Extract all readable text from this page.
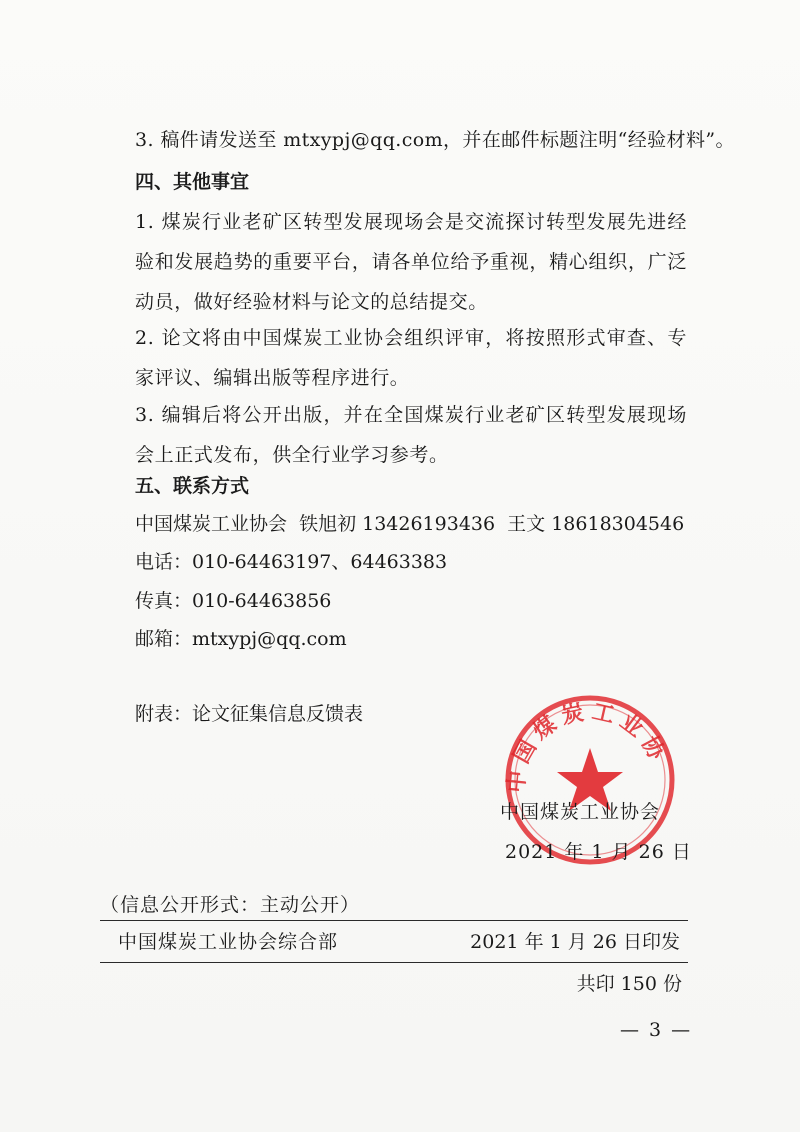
3. 稿件请发送至 mtxypj@qq.com，并在邮件标题注明“经验材料”。
四、其他事宜
1. 煤炭行业老矿区转型发展现场会是交流探讨转型发展先进经验和发展趋势的重要平台，请各单位给予重视，精心组织，广泛动员，做好经验材料与论文的总结提交。
2. 论文将由中国煤炭工业协会组织评审，将按照形式审查、专家评议、编辑出版等程序进行。
3. 编辑后将公开出版，并在全国煤炭行业老矿区转型发展现场会上正式发布，供全行业学习参考。
五、联系方式
中国煤炭工业协会  铁旭初 13426193436  王文 18618304546
电话：010-64463197、64463383
传真：010-64463856
邮箱：mtxypj@qq.com
附表：论文征集信息反馈表
中国煤炭工业协
中国煤炭工业协会
2021 年 1 月 26 日
（信息公开形式：主动公开）
中国煤炭工业协会综合部	2021 年 1 月 26 日印发
共印 150 份
— 3 —
